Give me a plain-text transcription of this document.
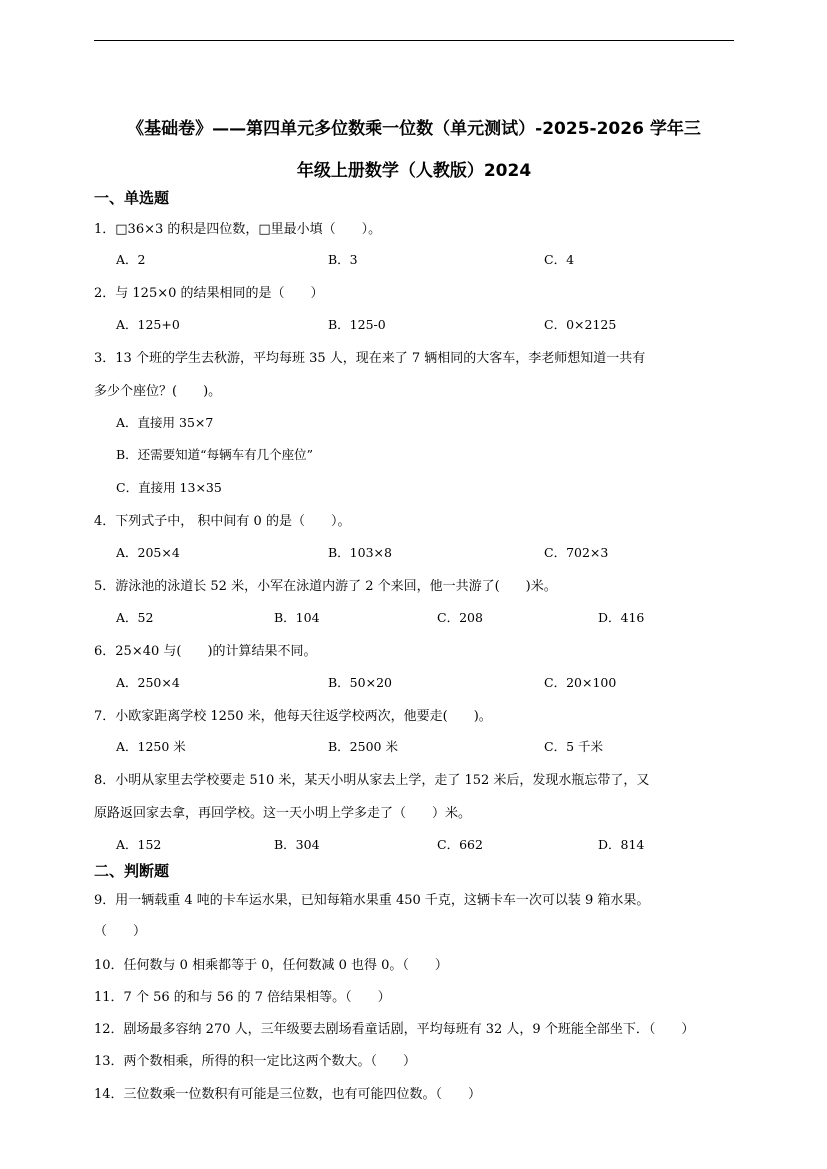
《基础卷》——第四单元多位数乘一位数（单元测试）-2025-2026 学年三
年级上册数学（人教版）2024
一、单选题
1．□36×3 的积是四位数，□里最小填（　　）。
A．2	B．3	C．4
2．与 125×0 的结果相同的是（　　）
A．125+0	B．125-0	C．0×2125
3．13 个班的学生去秋游，平均每班 35 人，现在来了 7 辆相同的大客车，李老师想知道一共有
多少个座位？(　　)。
A．直接用 35×7
B．还需要知道“每辆车有几个座位”
C．直接用 13×35
4．下列式子中， 积中间有 0 的是（　　）。
A．205×4	B．103×8	C．702×3
5．游泳池的泳道长 52 米，小军在泳道内游了 2 个来回，他一共游了(　　)米。
A．52	B．104	C．208	D．416
6．25×40 与(　　)的计算结果不同。
A．250×4	B．50×20	C．20×100
7．小欧家距离学校 1250 米，他每天往返学校两次，他要走(　　)。
A．1250 米	B．2500 米	C．5 千米
8．小明从家里去学校要走 510 米，某天小明从家去上学，走了 152 米后，发现水瓶忘带了，又
原路返回家去拿，再回学校。这一天小明上学多走了（　　）米。
A．152	B．304	C．662	D．814
二、判断题
9．用一辆载重 4 吨的卡车运水果，已知每箱水果重 450 千克，这辆卡车一次可以装 9 箱水果。
（　　）
10．任何数与 0 相乘都等于 0，任何数减 0 也得 0。（　　）
11．7 个 56 的和与 56 的 7 倍结果相等。（　　）
12．剧场最多容纳 270 人，三年级要去剧场看童话剧，平均每班有 32 人，9 个班能全部坐下．（　　）
13．两个数相乘，所得的积一定比这两个数大。（　　）
14．三位数乘一位数积有可能是三位数，也有可能四位数。（　　）
